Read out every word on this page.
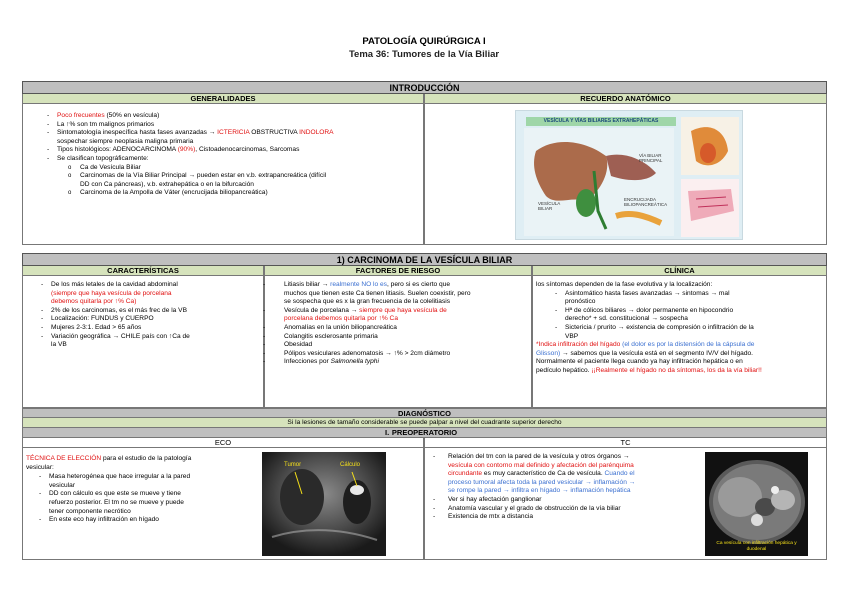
PATOLOGÍA QUIRÚRGICA I
Tema 36: Tumores de la Vía Biliar
INTRODUCCIÓN
GENERALIDADES	RECUERDO ANATÓMICO
- Poco frecuentes (50% en vesícula)
- La ↑% son tm malignos primarios
- Sintomatología inespecífica hasta fases avanzadas → ICTERICIA OBSTRUCTIVA INDOLORA
sospechar siempre neoplasia maligna primaria
- Tipos histológicos: ADENOCARCINOMA (90%), Cistoadenocarcinomas, Sarcomas
- Se clasifican topográficamente:
o Ca de Vesícula Biliar
o Carcinomas de la Vía Biliar Principal → pueden estar en v.b. extrapancreática (difícil
DD con Ca páncreas), v.b. extrahepática o en la bifurcación
o Carcinoma de la Ampolla de Váter (encrucijada biliopancreática)
VESÍCULA Y VÍAS BILIARES EXTRAHEPÁTICAS
VÍA BILIAR PRINCIPAL
VESÍCULA BILIAR
ENCRUCIJADA BILIOPANCREÁTICA
1) CARCINOMA DE LA VESÍCULA BILIAR
CARACTERÍSTICAS	FACTORES DE RIESGO	CLÍNICA
- De los más letales de la cavidad abdominal
(siempre que haya vesícula de porcelana
debemos quitarla por ↑% Ca)
- 2% de los carcinomas, es el más frec de la VB
- Localización: FUNDUS y CUERPO
- Mujeres 2-3:1. Edad > 65 años
- Variación geográfica → CHILE país con ↑Ca de
la VB
- Litiasis biliar → realmente NO lo es, pero si es cierto que
muchos que tienen este Ca tienen litiasis. Suelen coexistir, pero
se sospecha que es x la gran frecuencia de la colelitiasis
- Vesícula de porcelana → siempre que haya vesícula de
porcelana debemos quitarla por ↑% Ca
- Anomalías en la unión biliopancreática
- Colangitis esclerosante primaria
- Obesidad
- Pólipos vesiculares adenomatosis → ↑% > 2cm diámetro
- Infecciones por Salmonella typhi
los síntomas dependen de la fase evolutiva y la localización:
- Asintomático hasta fases avanzadas → sintomas → mal
pronóstico
- Hª de cólicos biliares → dolor permanente en hipocondrio
derecho* + sd. constitucional → sospecha
- Sictericia / prurito → existencia de compresión o infiltración de la
VBP
*Indica infiltración del hígado (el dolor es por la distensión de la cápsula de
Glisson) → sabemos que la vesícula está en el segmento IV/V del hígado.
Normalmente el paciente llega cuando ya hay infiltración hepática o en
pedículo hepático. ¡¡Realmente el hígado no da síntomas, los da la vía biliar!!
DIAGNÓSTICO
Si la lesiones de tamaño considerable se puede palpar a nivel del cuadrante superior derecho
I. PREOPERATORIO
ECO	TC
TÉCNICA DE ELECCIÓN para el estudio de la patología
vesicular:
- Masa heterogénea que hace irregular a la pared
vesicular
- DD con cálculo es que este se mueve y tiene
refuerzo posterior. El tm no se mueve y puede
tener componente necrótico
- En este eco hay infiltración en hígado
Tumor	Cálculo
- Relación del tm con la pared de la vesícula y otros órganos →
vesícula con contorno mal definido y afectación del parénquima
circundante es muy característico de Ca de vesícula. Cuando el
proceso tumoral afecta toda la pared vesicular → inflamación →
se rompe la pared → infiltra en hígado → inflamación hepática
- Ver si hay afectación ganglionar
- Anatomía vascular y el grado de obstrucción de la vía biliar
- Existencia de mtx a distancia
Ca vesícula con infiltración hepática y duodenal
